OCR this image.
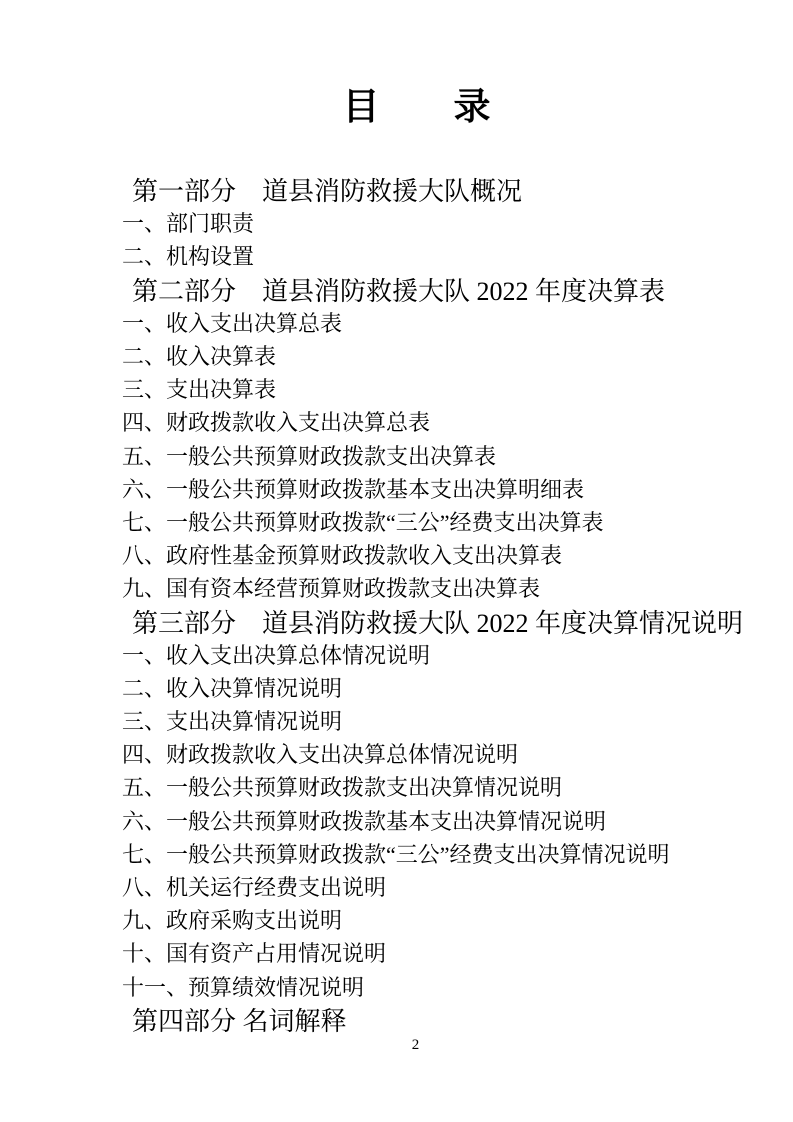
目　　录
第一部分　道县消防救援大队概况
一、部门职责
二、机构设置
第二部分　道县消防救援大队 2022 年度决算表
一、收入支出决算总表
二、收入决算表
三、支出决算表
四、财政拨款收入支出决算总表
五、一般公共预算财政拨款支出决算表
六、一般公共预算财政拨款基本支出决算明细表
七、一般公共预算财政拨款“三公”经费支出决算表
八、政府性基金预算财政拨款收入支出决算表
九、国有资本经营预算财政拨款支出决算表
第三部分　道县消防救援大队 2022 年度决算情况说明
一、收入支出决算总体情况说明
二、收入决算情况说明
三、支出决算情况说明
四、财政拨款收入支出决算总体情况说明
五、一般公共预算财政拨款支出决算情况说明
六、一般公共预算财政拨款基本支出决算情况说明
七、一般公共预算财政拨款“三公”经费支出决算情况说明
八、机关运行经费支出说明
九、政府采购支出说明
十、国有资产占用情况说明
十一、预算绩效情况说明
第四部分 名词解释
2
